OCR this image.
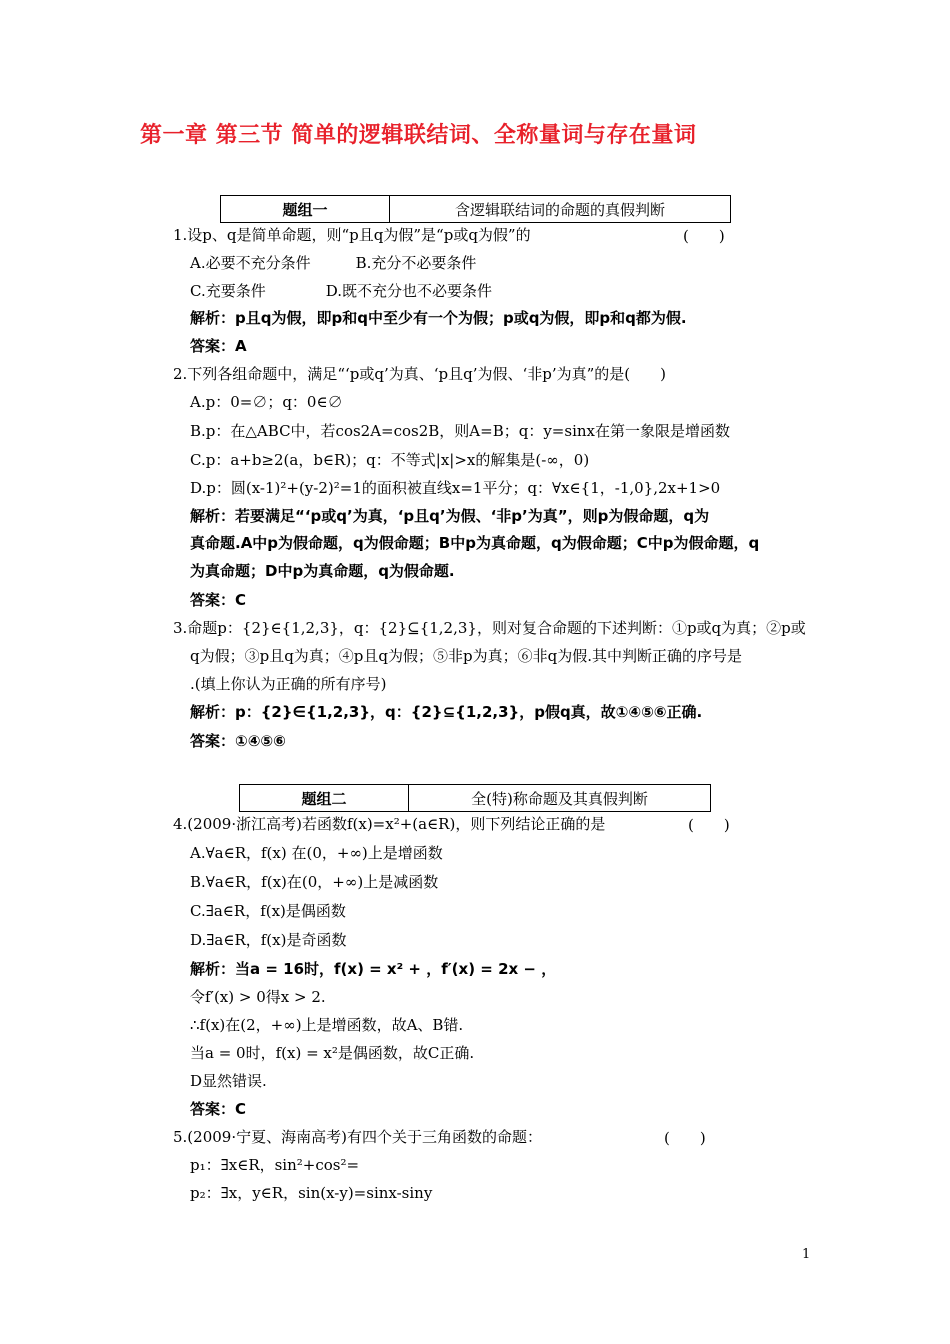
第一章 第三节 简单的逻辑联结词、全称量词与存在量词
题组一	含逻辑联结词的命题的真假判断
1.设p、q是简单命题，则“p且q为假”是“p或q为假”的	(　　)
A.必要不充分条件　　　B.充分不必要条件
C.充要条件　　　　D.既不充分也不必要条件
解析：p且q为假，即p和q中至少有一个为假；p或q为假，即p和q都为假.
答案：A
2.下列各组命题中，满足“‘p或q’为真、‘p且q’为假、‘非p’为真”的是(　　)
A.p：0=∅；q：0∈∅
B.p：在△ABC中，若cos2A=cos2B，则A=B；q：y=sinx在第一象限是增函数
C.p：a+b≥2(a，b∈R)；q：不等式|x|>x的解集是(-∞，0)
D.p：圆(x-1)²+(y-2)²=1的面积被直线x=1平分；q：∀x∈{1，-1,0},2x+1>0
解析：若要满足“‘p或q’为真，‘p且q’为假、‘非p’为真”，则p为假命题，q为
真命题.A中p为假命题，q为假命题；B中p为真命题，q为假命题；C中p为假命题，q
为真命题；D中p为真命题，q为假命题.
答案：C
3.命题p：{2}∈{1,2,3}，q：{2}⊆{1,2,3}，则对复合命题的下述判断：①p或q为真；②p或
q为假；③p且q为真；④p且q为假；⑤非p为真；⑥非q为假.其中判断正确的序号是
.(填上你认为正确的所有序号)
解析：p：{2}∈{1,2,3}，q：{2}⊆{1,2,3}，p假q真，故①④⑤⑥正确.
答案：①④⑤⑥
题组二	全(特)称命题及其真假判断
4.(2009·浙江高考)若函数f(x)=x²+(a∈R)，则下列结论正确的是	(　　)
A.∀a∈R，f(x) 在(0，+∞)上是增函数
B.∀a∈R，f(x)在(0，+∞)上是减函数
C.∃a∈R，f(x)是偶函数
D.∃a∈R，f(x)是奇函数
解析：当a = 16时，f(x) = x² + ，f′(x) = 2x − ，
令f′(x) > 0得x > 2.
∴f(x)在(2，+∞)上是增函数，故A、B错.
当a = 0时，f(x) = x²是偶函数，故C正确.
D显然错误.
答案：C
5.(2009·宁夏、海南高考)有四个关于三角函数的命题：	(　　)
p₁：∃x∈R，sin²+cos²=
p₂：∃x，y∈R，sin(x-y)=sinx-siny
1
